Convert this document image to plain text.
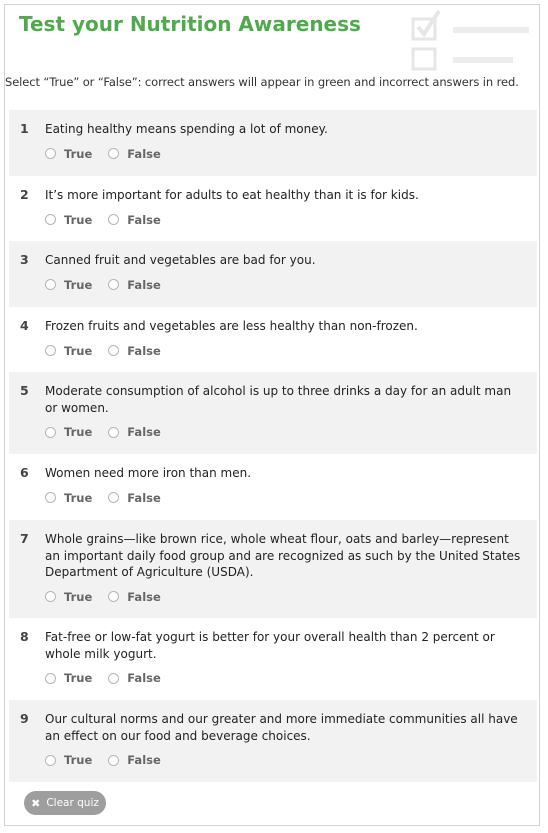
Test your Nutrition Awareness
Select “True” or “False”: correct answers will appear in green and incorrect answers in red.
1 Eating healthy means spending a lot of money.
True	False
2 It’s more important for adults to eat healthy than it is for kids.
True	False
3 Canned fruit and vegetables are bad for you.
True	False
4 Frozen fruits and vegetables are less healthy than non-frozen.
True	False
5 Moderate consumption of alcohol is up to three drinks a day for an adult man or women.
True	False
6 Women need more iron than men.
True	False
7 Whole grains—like brown rice, whole wheat flour, oats and barley—represent an important daily food group and are recognized as such by the United States Department of Agriculture (USDA).
True	False
8 Fat-free or low-fat yogurt is better for your overall health than 2 percent or whole milk yogurt.
True	False
9 Our cultural norms and our greater and more immediate communities all have an effect on our food and beverage choices.
True	False
✖ Clear quiz
